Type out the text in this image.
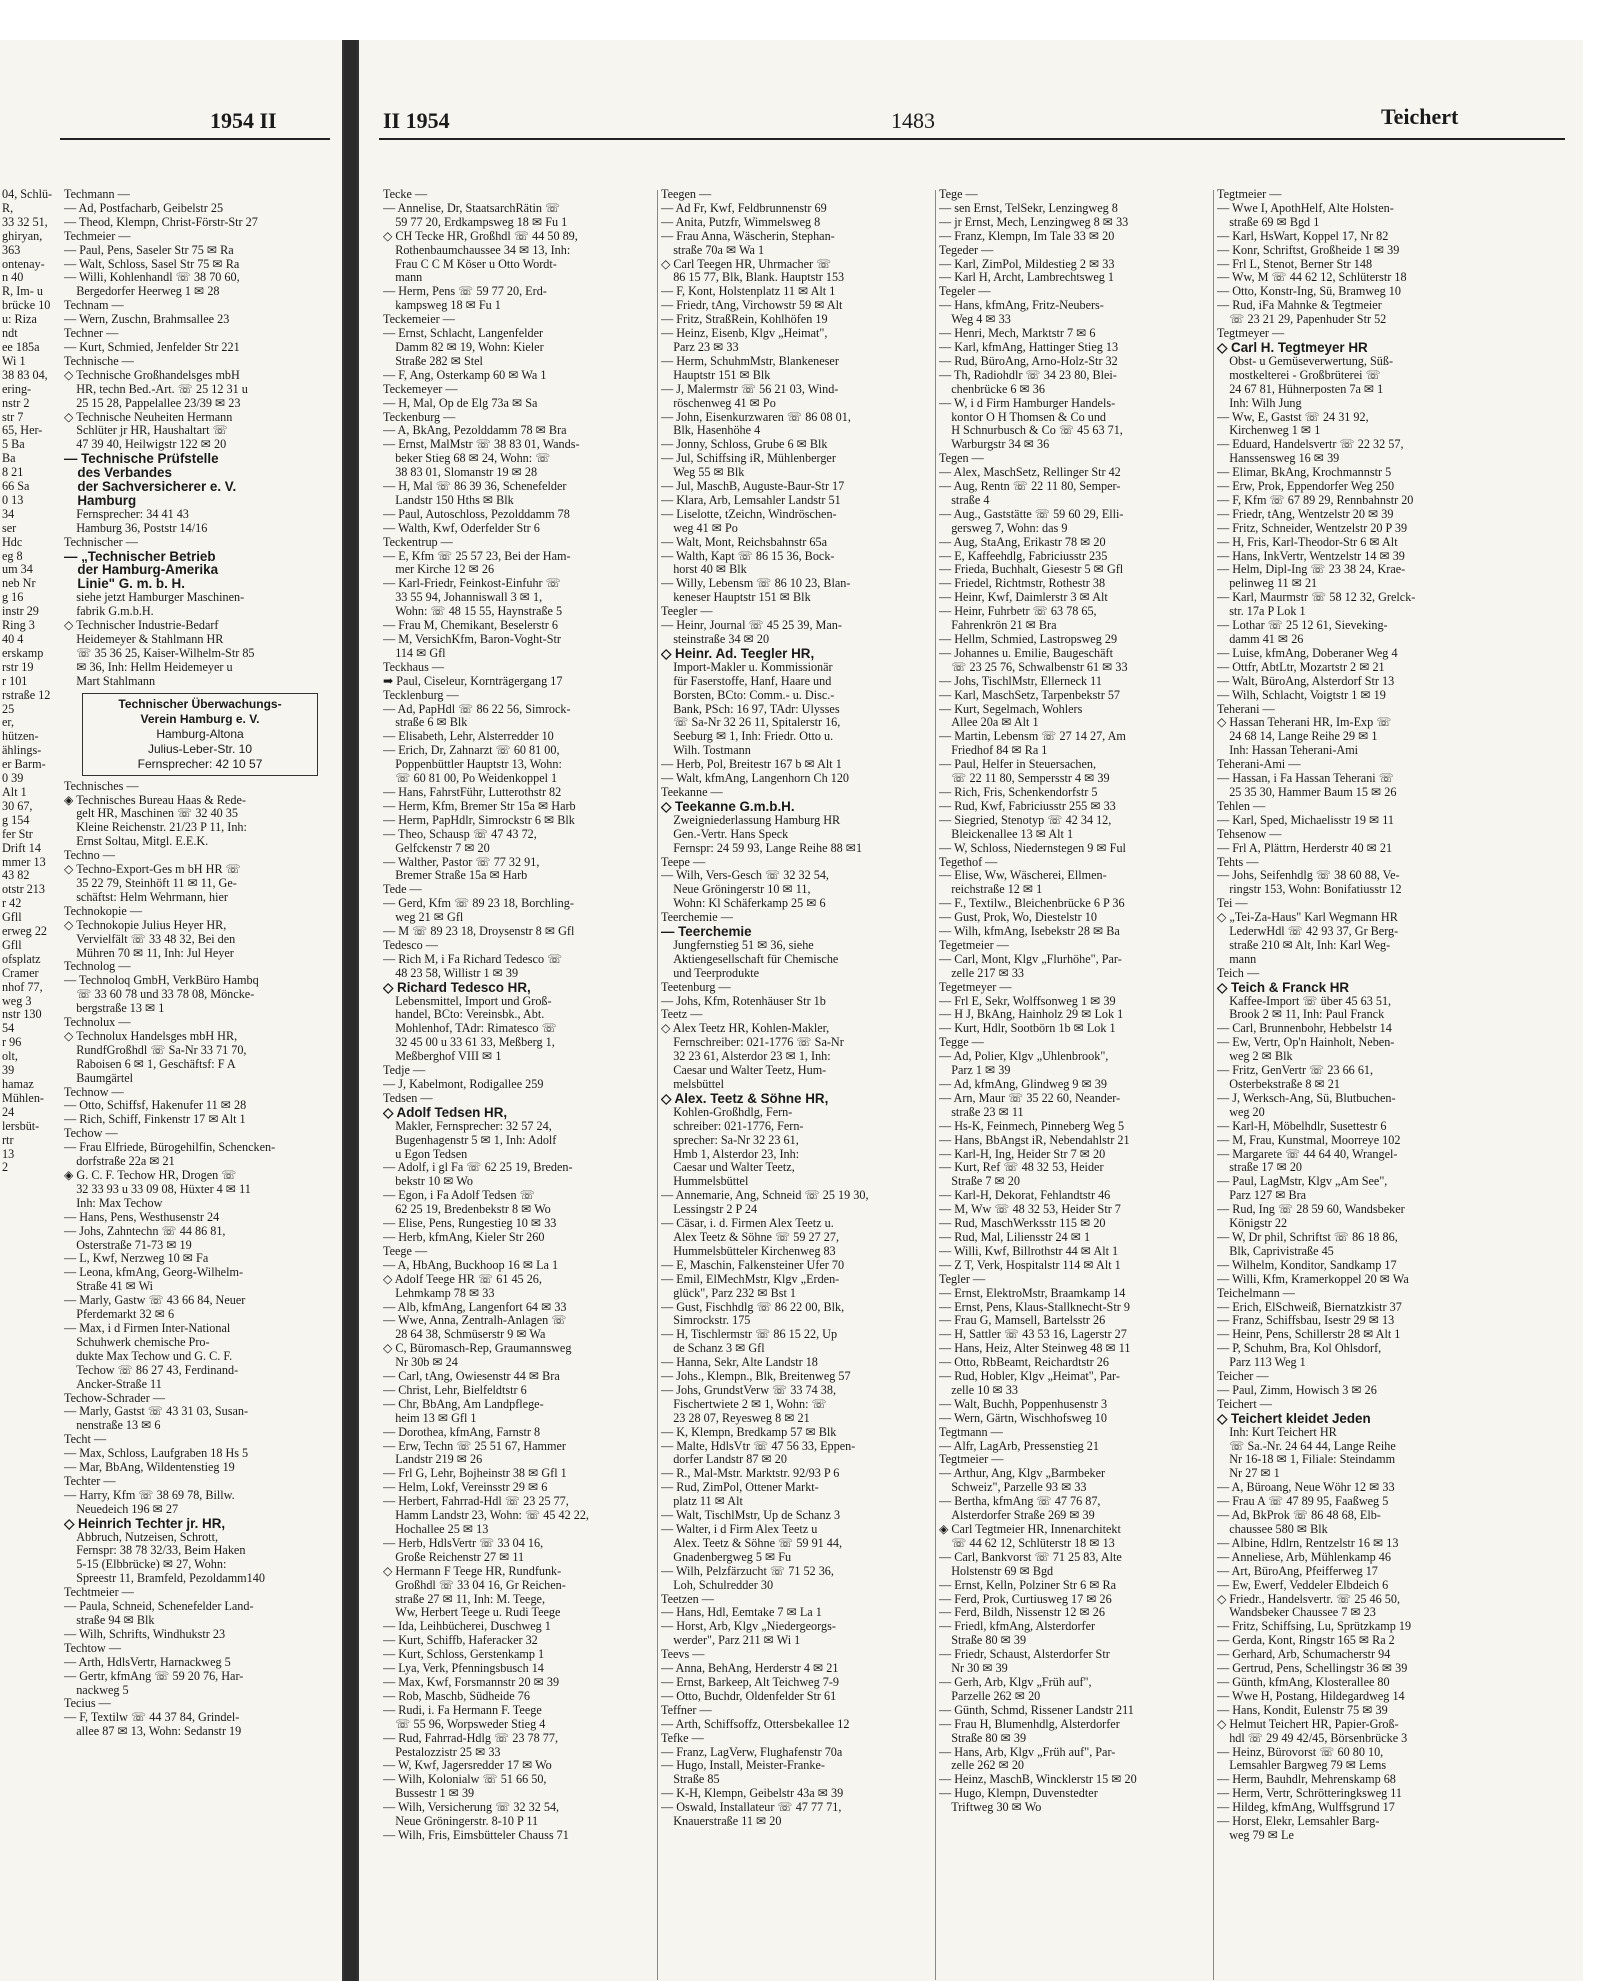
1954 II
04, Schlü-
R,
33 32 51,
ghiryan,
363
ontenay-
n 40
R, Im- u
brücke 10
u: Riza
ndt
ee 185a
Wi 1
38 83 04,
ering-
nstr 2
str 7
65, Her-
5 Ba
Ba
8 21
66 Sa
0 13
34
ser
Hdc
eg 8
um 34
neb Nr
g 16
instr 29
Ring 3
40 4
erskamp
rstr 19
r 101
rstraße 12
25
er,
hützen-
ählings-
er Barm-
0 39
Alt 1
30 67,
g 154
fer Str
Drift 14
mmer 13
43 82
otstr 213
r 42
Gfll
erweg 22
Gfll
ofsplatz
Cramer
nhof 77,
weg 3
nstr 130
54
r 96
olt,
39
hamaz
Mühlen-
24
lersbüt-
rtr
13
2
Techmann —
— Ad, Postfacharb, Geibelstr 25
— Theod, Klempn, Christ-Förstr-Str 27
Techmeier —
— Paul, Pens, Saseler Str 75 ✉ Ra
— Walt, Schloss, Sasel Str 75 ✉ Ra
— Willi, Kohlenhandl ☏ 38 70 60,
 Bergedorfer Heerweg 1 ✉ 28
Technam —
— Wern, Zuschn, Brahmsallee 23
Techner —
— Kurt, Schmied, Jenfelder Str 221
Technische —
◇ Technische Großhandelsges mbH
 HR, techn Bed.-Art. ☏ 25 12 31 u
 25 15 28, Pappelallee 23/39 ✉ 23
◇ Technische Neuheiten Hermann
 Schlüter jr HR, Haushaltart ☏
 47 39 40, Heilwigstr 122 ✉ 20
— Technische Prüfstelle
 des Verbandes
 der Sachversicherer e. V.
 Hamburg
 Fernsprecher: 34 41 43
 Hamburg 36, Poststr 14/16
Technischer —
— „Technischer Betrieb
 der Hamburg-Amerika
 Linie" G. m. b. H.
 siehe jetzt Hamburger Maschinen-
 fabrik G.m.b.H.
◇ Technischer Industrie-Bedarf
 Heidemeyer & Stahlmann HR
 ☏ 35 36 25, Kaiser-Wilhelm-Str 85
 ✉ 36, Inh: Hellm Heidemeyer u
 Mart Stahlmann
Technischer Überwachungs-
Verein Hamburg e. V.
Hamburg-Altona
Julius-Leber-Str. 10
Fernsprecher: 42 10 57
Technisches —
◈ Technisches Bureau Haas & Rede-
 gelt HR, Maschinen ☏ 32 40 35
 Kleine Reichenstr. 21/23 P 11, Inh:
 Ernst Soltau, Mitgl. E.E.K.
Techno —
◇ Techno-Export-Ges m bH HR ☏
 35 22 79, Steinhöft 11 ✉ 11, Ge-
 schäftst: Helm Wehrmann, hier
Technokopie —
◇ Technokopie Julius Heyer HR,
 Vervielfält ☏ 33 48 32, Bei den
 Mühren 70 ✉ 11, Inh: Jul Heyer
Technolog —
— Technoloq GmbH, VerkBüro Hambq
 ☏ 33 60 78 und 33 78 08, Möncke-
 bergstraße 13 ✉ 1
Technolux —
◇ Technolux Handelsges mbH HR,
 RundfGroßhdl ☏ Sa-Nr 33 71 70,
 Raboisen 6 ✉ 1, Geschäftsf: F A
 Baumgärtel
Technow —
— Otto, Schiffsf, Hakenufer 11 ✉ 28
— Rich, Schiff, Finkenstr 17 ✉ Alt 1
Techow —
— Frau Elfriede, Bürogehilfin, Schencken-
 dorfstraße 22a ✉ 21
◈ G. C. F. Techow HR, Drogen ☏
 32 33 93 u 33 09 08, Hüxter 4 ✉ 11
 Inh: Max Techow
— Hans, Pens, Westhusenstr 24
— Johs, Zahntechn ☏ 44 86 81,
 Osterstraße 71-73 ✉ 19
— L, Kwf, Nerzweg 10 ✉ Fa
— Leona, kfmAng, Georg-Wilhelm-
 Straße 41 ✉ Wi
— Marly, Gastw ☏ 43 66 84, Neuer
 Pferdemarkt 32 ✉ 6
— Max, i d Firmen Inter-National
 Schuhwerk chemische Pro-
 dukte Max Techow und G. C. F.
 Techow ☏ 86 27 43, Ferdinand-
 Ancker-Straße 11
Techow-Schrader —
— Marly, Gastst ☏ 43 31 03, Susan-
 nenstraße 13 ✉ 6
Techt —
— Max, Schloss, Laufgraben 18 Hs 5
— Mar, BbAng, Wildentenstieg 19
Techter —
— Harry, Kfm ☏ 38 69 78, Billw.
 Neuedeich 196 ✉ 27
◇ Heinrich Techter jr. HR,
 Abbruch, Nutzeisen, Schrott,
 Fernspr: 38 78 32/33, Beim Haken
 5-15 (Elbbrücke) ✉ 27, Wohn:
 Spreestr 11, Bramfeld, Pezoldamm140
Techtmeier —
— Paula, Schneid, Schenefelder Land-
 straße 94 ✉ Blk
— Wilh, Schrifts, Windhukstr 23
Techtow —
— Arth, HdlsVertr, Harnackweg 5
— Gertr, kfmAng ☏ 59 20 76, Har-
 nackweg 5
Tecius —
— F, Textilw ☏ 44 37 84, Grindel-
 allee 87 ✉ 13, Wohn: Sedanstr 19
II 1954	1483	Teichert
Tecke —
— Annelise, Dr, StaatsarchRätin ☏
 59 77 20, Erdkampsweg 18 ✉ Fu 1
◇ CH Tecke HR, Großhdl ☏ 44 50 89,
 Rothenbaumchaussee 34 ✉ 13, Inh:
 Frau C C M Köser u Otto Wordt-
 mann
— Herm, Pens ☏ 59 77 20, Erd-
 kampsweg 18 ✉ Fu 1
Teckemeier —
— Ernst, Schlacht, Langenfelder
 Damm 82 ✉ 19, Wohn: Kieler
 Straße 282 ✉ Stel
— F, Ang, Osterkamp 60 ✉ Wa 1
Teckemeyer —
— H, Mal, Op de Elg 73a ✉ Sa
Teckenburg —
— A, BkAng, Pezolddamm 78 ✉ Bra
— Ernst, MalMstr ☏ 38 83 01, Wands-
 beker Stieg 68 ✉ 24, Wohn: ☏
 38 83 01, Slomanstr 19 ✉ 28
— H, Mal ☏ 86 39 36, Schenefelder
 Landstr 150 Hths ✉ Blk
— Paul, Autoschloss, Pezolddamm 78
— Walth, Kwf, Oderfelder Str 6
Teckentrup —
— E, Kfm ☏ 25 57 23, Bei der Ham-
 mer Kirche 12 ✉ 26
— Karl-Friedr, Feinkost-Einfuhr ☏
 33 55 94, Johanniswall 3 ✉ 1,
 Wohn: ☏ 48 15 55, Haynstraße 5
— Frau M, Chemikant, Beselerstr 6
— M, VersichKfm, Baron-Voght-Str
 114 ✉ Gfl
Teckhaus —
➡ Paul, Ciseleur, Kornträgergang 17
Tecklenburg —
— Ad, PapHdl ☏ 86 22 56, Simrock-
 straße 6 ✉ Blk
— Elisabeth, Lehr, Alsterredder 10
— Erich, Dr, Zahnarzt ☏ 60 81 00,
 Poppenbüttler Hauptstr 13, Wohn:
 ☏ 60 81 00, Po Weidenkoppel 1
— Hans, FahrstFühr, Lutterothstr 82
— Herm, Kfm, Bremer Str 15a ✉ Harb
— Herm, PapHdlr, Simrockstr 6 ✉ Blk
— Theo, Schausp ☏ 47 43 72,
 Gelfckenstr 7 ✉ 20
— Walther, Pastor ☏ 77 32 91,
 Bremer Straße 15a ✉ Harb
Tede —
— Gerd, Kfm ☏ 89 23 18, Borchling-
 weg 21 ✉ Gfl
— M ☏ 89 23 18, Droysenstr 8 ✉ Gfl
Tedesco —
— Rich M, i Fa Richard Tedesco ☏
 48 23 58, Willistr 1 ✉ 39
◇ Richard Tedesco HR,
 Lebensmittel, Import und Groß-
 handel, BCto: Vereinsbk., Abt.
 Mohlenhof, TAdr: Rimatesco ☏
 32 45 00 u 33 61 33, Meßberg 1,
 Meßberghof VIII ✉ 1
Tedje —
— J, Kabelmont, Rodigallee 259
Tedsen —
◇ Adolf Tedsen HR,
 Makler, Fernsprecher: 32 57 24,
 Bugenhagenstr 5 ✉ 1, Inh: Adolf
 u Egon Tedsen
— Adolf, i gl Fa ☏ 62 25 19, Breden-
 bekstr 10 ✉ Wo
— Egon, i Fa Adolf Tedsen ☏
 62 25 19, Bredenbekstr 8 ✉ Wo
— Elise, Pens, Rungestieg 10 ✉ 33
— Herb, kfmAng, Kieler Str 260
Teege —
— A, HbAng, Buckhoop 16 ✉ La 1
◇ Adolf Teege HR ☏ 61 45 26,
 Lehmkamp 78 ✉ 33
— Alb, kfmAng, Langenfort 64 ✉ 33
— Wwe, Anna, Zentralh-Anlagen ☏
 28 64 38, Schmüserstr 9 ✉ Wa
◇ C, Büromasch-Rep, Graumannsweg
 Nr 30b ✉ 24
— Carl, tAng, Owiesenstr 44 ✉ Bra
— Christ, Lehr, Bielfeldtstr 6
— Chr, BbAng, Am Landpflege-
 heim 13 ✉ Gfl 1
— Dorothea, kfmAng, Farnstr 8
— Erw, Techn ☏ 25 51 67, Hammer
 Landstr 219 ✉ 26
— Frl G, Lehr, Bojheinstr 38 ✉ Gfl 1
— Helm, Lokf, Vereinsstr 29 ✉ 6
— Herbert, Fahrrad-Hdl ☏ 23 25 77,
 Hamm Landstr 23, Wohn: ☏ 45 42 22,
 Hochallee 25 ✉ 13
— Herb, HdlsVertr ☏ 33 04 16,
 Große Reichenstr 27 ✉ 11
◇ Hermann F Teege HR, Rundfunk-
 Großhdl ☏ 33 04 16, Gr Reichen-
 straße 27 ✉ 11, Inh: M. Teege,
 Ww, Herbert Teege u. Rudi Teege
— Ida, Leihbücherei, Duschweg 1
— Kurt, Schiffb, Haferacker 32
— Kurt, Schloss, Gerstenkamp 1
— Lya, Verk, Pfenningsbusch 14
— Max, Kwf, Forsmannstr 20 ✉ 39
— Rob, Maschb, Südheide 76
— Rudi, i. Fa Hermann F. Teege
 ☏ 55 96, Worpsweder Stieg 4
— Rud, Fahrrad-Hdlg ☏ 23 78 77,
 Pestalozzistr 25 ✉ 33
— W, Kwf, Jagersredder 17 ✉ Wo
— Wilh, Kolonialw ☏ 51 66 50,
 Bussestr 1 ✉ 39
— Wilh, Versicherung ☏ 32 32 54,
 Neue Gröningerstr. 8-10 P 11
— Wilh, Fris, Eimsbütteler Chauss 71
Teegen —
— Ad Fr, Kwf, Feldbrunnenstr 69
— Anita, Putzfr, Wimmelsweg 8
— Frau Anna, Wäscherin, Stephan-
 straße 70a ✉ Wa 1
◇ Carl Teegen HR, Uhrmacher ☏
 86 15 77, Blk, Blank. Hauptstr 153
— F, Kont, Holstenplatz 11 ✉ Alt 1
— Friedr, tAng, Virchowstr 59 ✉ Alt
— Fritz, StraßRein, Kohlhöfen 19
— Heinz, Eisenb, Klgv „Heimat",
 Parz 23 ✉ 33
— Herm, SchuhmMstr, Blankeneser
 Hauptstr 151 ✉ Blk
— J, Malermstr ☏ 56 21 03, Wind-
 röschenweg 41 ✉ Po
— John, Eisenkurzwaren ☏ 86 08 01,
 Blk, Hasenhöhe 4
— Jonny, Schloss, Grube 6 ✉ Blk
— Jul, Schiffsing iR, Mühlenberger
 Weg 55 ✉ Blk
— Jul, MaschB, Auguste-Baur-Str 17
— Klara, Arb, Lemsahler Landstr 51
— Liselotte, tZeichn, Windröschen-
 weg 41 ✉ Po
— Walt, Mont, Reichsbahnstr 65a
— Walth, Kapt ☏ 86 15 36, Bock-
 horst 40 ✉ Blk
— Willy, Lebensm ☏ 86 10 23, Blan-
 keneser Hauptstr 151 ✉ Blk
Teegler —
— Heinr, Journal ☏ 45 25 39, Man-
 steinstraße 34 ✉ 20
◇ Heinr. Ad. Teegler HR,
 Import-Makler u. Kommissionär
 für Faserstoffe, Hanf, Haare und
 Borsten, BCto: Comm.- u. Disc.-
 Bank, PSch: 16 97, TAdr: Ulysses
 ☏ Sa-Nr 32 26 11, Spitalerstr 16,
 Seeburg ✉ 1, Inh: Friedr. Otto u.
 Wilh. Tostmann
— Herb, Pol, Breitestr 167 b ✉ Alt 1
— Walt, kfmAng, Langenhorn Ch 120
Teekanne —
◇ Teekanne G.m.b.H.
 Zweigniederlassung Hamburg HR
 Gen.-Vertr. Hans Speck
 Fernspr: 24 59 93, Lange Reihe 88 ✉1
Teepe —
— Wilh, Vers-Gesch ☏ 32 32 54,
 Neue Gröningerstr 10 ✉ 11,
 Wohn: Kl Schäferkamp 25 ✉ 6
Teerchemie —
— Teerchemie
 Jungfernstieg 51 ✉ 36, siehe
 Aktiengesellschaft für Chemische
 und Teerprodukte
Teetenburg —
— Johs, Kfm, Rotenhäuser Str 1b
Teetz —
◇ Alex Teetz HR, Kohlen-Makler,
 Fernschreiber: 021-1776 ☏ Sa-Nr
 32 23 61, Alsterdor 23 ✉ 1, Inh:
 Caesar und Walter Teetz, Hum-
 melsbüttel
◇ Alex. Teetz & Söhne HR,
 Kohlen-Großhdlg, Fern-
 schreiber: 021-1776, Fern-
 sprecher: Sa-Nr 32 23 61,
 Hmb 1, Alsterdor 23, Inh:
 Caesar und Walter Teetz,
 Hummelsbüttel
— Annemarie, Ang, Schneid ☏ 25 19 30,
 Lessingstr 2 P 24
— Cäsar, i. d. Firmen Alex Teetz u.
 Alex Teetz & Söhne ☏ 59 27 27,
 Hummelsbütteler Kirchenweg 83
— E, Maschin, Falkensteiner Ufer 70
— Emil, ElMechMstr, Klgv „Erden-
 glück", Parz 232 ✉ Bst 1
— Gust, Fischhdlg ☏ 86 22 00, Blk,
 Simrockstr. 175
— H, Tischlermstr ☏ 86 15 22, Up
 de Schanz 3 ✉ Gfl
— Hanna, Sekr, Alte Landstr 18
— Johs., Klempn., Blk, Breitenweg 57
— Johs, GrundstVerw ☏ 33 74 38,
 Fischertwiete 2 ✉ 1, Wohn: ☏
 23 28 07, Reyesweg 8 ✉ 21
— K, Klempn, Bredkamp 57 ✉ Blk
— Malte, HdlsVtr ☏ 47 56 33, Eppen-
 dorfer Landstr 87 ✉ 20
— R., Mal-Mstr. Marktstr. 92/93 P 6
— Rud, ZimPol, Ottener Markt-
 platz 11 ✉ Alt
— Walt, TischlMstr, Up de Schanz 3
— Walter, i d Firm Alex Teetz u
 Alex. Teetz & Söhne ☏ 59 91 44,
 Gnadenbergweg 5 ✉ Fu
— Wilh, Pelzfärzucht ☏ 71 52 36,
 Loh, Schulredder 30
Teetzen —
— Hans, Hdl, Eemtake 7 ✉ La 1
— Horst, Arb, Klgv „Niedergeorgs-
 werder", Parz 211 ✉ Wi 1
Teevs —
— Anna, BehAng, Herderstr 4 ✉ 21
— Ernst, Barkeep, Alt Teichweg 7-9
— Otto, Buchdr, Oldenfelder Str 61
Teffner —
— Arth, Schiffsoffz, Ottersbekallee 12
Tefke —
— Franz, LagVerw, Flughafenstr 70a
— Hugo, Install, Meister-Franke-
 Straße 85
— K-H, Klempn, Geibelstr 43a ✉ 39
— Oswald, Installateur ☏ 47 77 71,
 Knauerstraße 11 ✉ 20
Tege —
— sen Ernst, TelSekr, Lenzingweg 8
— jr Ernst, Mech, Lenzingweg 8 ✉ 33
— Franz, Klempn, Im Tale 33 ✉ 20
Tegeder —
— Karl, ZimPol, Mildestieg 2 ✉ 33
— Karl H, Archt, Lambrechtsweg 1
Tegeler —
— Hans, kfmAng, Fritz-Neubers-
 Weg 4 ✉ 33
— Henri, Mech, Marktstr 7 ✉ 6
— Karl, kfmAng, Hattinger Stieg 13
— Rud, BüroAng, Arno-Holz-Str 32
— Th, Radiohdlr ☏ 34 23 80, Blei-
 chenbrücke 6 ✉ 36
— W, i d Firm Hamburger Handels-
 kontor O H Thomsen & Co und
 H Schnurbusch & Co ☏ 45 63 71,
 Warburgstr 34 ✉ 36
Tegen —
— Alex, MaschSetz, Rellinger Str 42
— Aug, Rentn ☏ 22 11 80, Semper-
 straße 4
— Aug., Gaststätte ☏ 59 60 29, Elli-
 gersweg 7, Wohn: das 9
— Aug, StaAng, Erikastr 78 ✉ 20
— E, Kaffeehdlg, Fabriciusstr 235
— Frieda, Buchhalt, Giesestr 5 ✉ Gfl
— Friedel, Richtmstr, Rothestr 38
— Heinr, Kwf, Daimlerstr 3 ✉ Alt
— Heinr, Fuhrbetr ☏ 63 78 65,
 Fahrenkrön 21 ✉ Bra
— Hellm, Schmied, Lastropsweg 29
— Johannes u. Emilie, Baugeschäft
 ☏ 23 25 76, Schwalbenstr 61 ✉ 33
— Johs, TischlMstr, Ellerneck 11
— Karl, MaschSetz, Tarpenbekstr 57
— Kurt, Segelmach, Wohlers
 Allee 20a ✉ Alt 1
— Martin, Lebensm ☏ 27 14 27, Am
 Friedhof 84 ✉ Ra 1
— Paul, Helfer in Steuersachen,
 ☏ 22 11 80, Sempersstr 4 ✉ 39
— Rich, Fris, Schenkendorfstr 5
— Rud, Kwf, Fabriciusstr 255 ✉ 33
— Siegried, Stenotyp ☏ 42 34 12,
 Bleickenallee 13 ✉ Alt 1
— W, Schloss, Niedernstegen 9 ✉ Ful
Tegethof —
— Elise, Ww, Wäscherei, Ellmen-
 reichstraße 12 ✉ 1
— F., Textilw., Bleichenbrücke 6 P 36
— Gust, Prok, Wo, Diestelstr 10
— Wilh, kfmAng, Isebekstr 28 ✉ Ba
Tegetmeier —
— Carl, Mont, Klgv „Flurhöhe", Par-
 zelle 217 ✉ 33
Tegetmeyer —
— Frl E, Sekr, Wolffsonweg 1 ✉ 39
— H J, BkAng, Hainholz 29 ✉ Lok 1
— Kurt, Hdlr, Sootbörn 1b ✉ Lok 1
Tegge —
— Ad, Polier, Klgv „Uhlenbrook",
 Parz 1 ✉ 39
— Ad, kfmAng, Glindweg 9 ✉ 39
— Arn, Maur ☏ 35 22 60, Neander-
 straße 23 ✉ 11
— Hs-K, Feinmech, Pinneberg Weg 5
— Hans, BbAngst iR, Nebendahlstr 21
— Karl-H, Ing, Heider Str 7 ✉ 20
— Kurt, Ref ☏ 48 32 53, Heider
 Straße 7 ✉ 20
— Karl-H, Dekorat, Fehlandtstr 46
— M, Ww ☏ 48 32 53, Heider Str 7
— Rud, MaschWerksstr 115 ✉ 20
— Rud, Mal, Liliensstr 24 ✉ 1
— Willi, Kwf, Billrothstr 44 ✉ Alt 1
— Z T, Verk, Hospitalstr 114 ✉ Alt 1
Tegler —
— Ernst, ElektroMstr, Braamkamp 14
— Ernst, Pens, Klaus-Stallknecht-Str 9
— Frau G, Mamsell, Bartelsstr 26
— H, Sattler ☏ 43 53 16, Lagerstr 27
— Hans, Heiz, Alter Steinweg 48 ✉ 11
— Otto, RbBeamt, Reichardtstr 26
— Rud, Hobler, Klgv „Heimat", Par-
 zelle 10 ✉ 33
— Walt, Buchh, Poppenhusenstr 3
— Wern, Gärtn, Wischhofsweg 10
Tegtmann —
— Alfr, LagArb, Pressenstieg 21
Tegtmeier —
— Arthur, Ang, Klgv „Barmbeker
 Schweiz", Parzelle 93 ✉ 33
— Bertha, kfmAng ☏ 47 76 87,
 Alsterdorfer Straße 269 ✉ 39
◈ Carl Tegtmeier HR, Innenarchitekt
 ☏ 44 62 12, Schlüterstr 18 ✉ 13
— Carl, Bankvorst ☏ 71 25 83, Alte
 Holstenstr 69 ✉ Bgd
— Ernst, Kelln, Polziner Str 6 ✉ Ra
— Ferd, Prok, Curtiusweg 17 ✉ 26
— Ferd, Bildh, Nissenstr 12 ✉ 26
— Friedl, kfmAng, Alsterdorfer
 Straße 80 ✉ 39
— Friedr, Schaust, Alsterdorfer Str
 Nr 30 ✉ 39
— Gerh, Arb, Klgv „Früh auf",
 Parzelle 262 ✉ 20
— Günth, Schmd, Rissener Landstr 211
— Frau H, Blumenhdlg, Alsterdorfer
 Straße 80 ✉ 39
— Hans, Arb, Klgv „Früh auf", Par-
 zelle 262 ✉ 20
— Heinz, MaschB, Wincklerstr 15 ✉ 20
— Hugo, Klempn, Duvenstedter
 Triftweg 30 ✉ Wo
Tegtmeier —
— Wwe I, ApothHelf, Alte Holsten-
 straße 69 ✉ Bgd 1
— Karl, HsWart, Koppel 17, Nr 82
— Konr, Schriftst, Großheide 1 ✉ 39
— Frl L, Stenot, Berner Str 148
— Ww, M ☏ 44 62 12, Schlüterstr 18
— Otto, Konstr-Ing, Sü, Bramweg 10
— Rud, iFa Mahnke & Tegtmeier
 ☏ 23 21 29, Papenhuder Str 52
Tegtmeyer —
◇ Carl H. Tegtmeyer HR
 Obst- u Gemüseverwertung, Süß-
 mostkelterei - Großbrüterei ☏
 24 67 81, Hühnerposten 7a ✉ 1
 Inh: Wilh Jung
— Ww, E, Gastst ☏ 24 31 92,
 Kirchenweg 1 ✉ 1
— Eduard, Handelsvertr ☏ 22 32 57,
 Hanssensweg 16 ✉ 39
— Elimar, BkAng, Krochmannstr 5
— Erw, Prok, Eppendorfer Weg 250
— F, Kfm ☏ 67 89 29, Rennbahnstr 20
— Friedr, tAng, Wentzelstr 20 ✉ 39
— Fritz, Schneider, Wentzelstr 20 P 39
— H, Fris, Karl-Theodor-Str 6 ✉ Alt
— Hans, InkVertr, Wentzelstr 14 ✉ 39
— Helm, Dipl-Ing ☏ 23 38 24, Krae-
 pelinweg 11 ✉ 21
— Karl, Maurmstr ☏ 58 12 32, Grelck-
 str. 17a P Lok 1
— Lothar ☏ 25 12 61, Sieveking-
 damm 41 ✉ 26
— Luise, kfmAng, Doberaner Weg 4
— Ottfr, AbtLtr, Mozartstr 2 ✉ 21
— Walt, BüroAng, Alsterdorf Str 13
— Wilh, Schlacht, Voigtstr 1 ✉ 19
Teherani —
◇ Hassan Teherani HR, Im-Exp ☏
 24 68 14, Lange Reihe 29 ✉ 1
 Inh: Hassan Teherani-Ami
Teherani-Ami —
— Hassan, i Fa Hassan Teherani ☏
 25 35 30, Hammer Baum 15 ✉ 26
Tehlen —
— Karl, Sped, Michaelisstr 19 ✉ 11
Tehsenow —
— Frl A, Plättrn, Herderstr 40 ✉ 21
Tehts —
— Johs, Seifenhdlg ☏ 38 60 88, Ve-
 ringstr 153, Wohn: Bonifatiusstr 12
Tei —
◇ „Tei-Za-Haus" Karl Wegmann HR
 LederwHdl ☏ 42 93 37, Gr Berg-
 straße 210 ✉ Alt, Inh: Karl Weg-
 mann
Teich —
◇ Teich & Franck HR
 Kaffee-Import ☏ über 45 63 51,
 Brook 2 ✉ 11, Inh: Paul Franck
— Carl, Brunnenbohr, Hebbelstr 14
— Ew, Vertr, Op'n Hainholt, Neben-
 weg 2 ✉ Blk
— Fritz, GenVertr ☏ 23 66 61,
 Osterbekstraße 8 ✉ 21
— J, Werksch-Ang, Sü, Blutbuchen-
 weg 20
— Karl-H, Möbelhdlr, Susettestr 6
— M, Frau, Kunstmal, Moorreye 102
— Margarete ☏ 44 64 40, Wrangel-
 straße 17 ✉ 20
— Paul, LagMstr, Klgv „Am See",
 Parz 127 ✉ Bra
— Rud, Ing ☏ 28 59 60, Wandsbeker
 Königstr 22
— W, Dr phil, Schriftst ☏ 86 18 86,
 Blk, Caprivistraße 45
— Wilhelm, Konditor, Sandkamp 17
— Willi, Kfm, Kramerkoppel 20 ✉ Wa
Teichelmann —
— Erich, ElSchweiß, Biernatzkistr 37
— Franz, Schiffsbau, Isestr 29 ✉ 13
— Heinr, Pens, Schillerstr 28 ✉ Alt 1
— P, Schuhm, Bra, Kol Ohlsdorf,
 Parz 113 Weg 1
Teicher —
— Paul, Zimm, Howisch 3 ✉ 26
Teichert —
◇ Teichert kleidet Jeden
 Inh: Kurt Teichert HR
 ☏ Sa.-Nr. 24 64 44, Lange Reihe
 Nr 16-18 ✉ 1, Filiale: Steindamm
 Nr 27 ✉ 1
— A, Büroang, Neue Wöhr 12 ✉ 33
— Frau A ☏ 47 89 95, Faaßweg 5
— Ad, BkProk ☏ 86 48 68, Elb-
 chaussee 580 ✉ Blk
— Albine, Hdlrn, Rentzelstr 16 ✉ 13
— Anneliese, Arb, Mühlenkamp 46
— Art, BüroAng, Pfeifferweg 17
— Ew, Ewerf, Veddeler Elbdeich 6
◇ Friedr., Handelsvertr. ☏ 25 46 50,
 Wandsbeker Chaussee 7 ✉ 23
— Fritz, Schiffsing, Lu, Sprützkamp 19
— Gerda, Kont, Ringstr 165 ✉ Ra 2
— Gerhard, Arb, Schumacherstr 94
— Gertrud, Pens, Schellingstr 36 ✉ 39
— Günth, kfmAng, Klosterallee 80
— Wwe H, Postang, Hildegardweg 14
— Hans, Kondit, Eulenstr 75 ✉ 39
◇ Helmut Teichert HR, Papier-Groß-
 hdl ☏ 29 49 42/45, Börsenbrücke 3
— Heinz, Bürovorst ☏ 60 80 10,
 Lemsahler Bargweg 79 ✉ Lems
— Herm, Bauhdlr, Mehrenskamp 68
— Herm, Vertr, Schrötteringksweg 11
— Hildeg, kfmAng, Wulffsgrund 17
— Horst, Elekr, Lemsahler Barg-
 weg 79 ✉ Le
